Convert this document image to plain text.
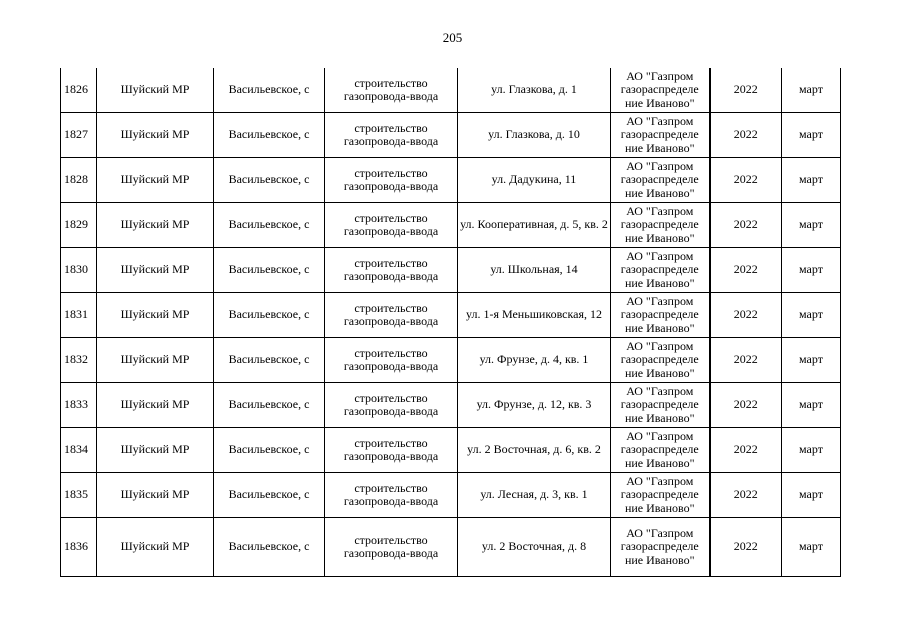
205
1826	Шуйский МР	Васильевское, с	строительство газопровода-ввода	ул. Глазкова, д. 1	АО "Газпром газораспределе ние Иваново"	2022	март
1827	Шуйский МР	Васильевское, с	строительство газопровода-ввода	ул. Глазкова, д. 10	АО "Газпром газораспределе ние Иваново"	2022	март
1828	Шуйский МР	Васильевское, с	строительство газопровода-ввода	ул. Дадукина, 11	АО "Газпром газораспределе ние Иваново"	2022	март
1829	Шуйский МР	Васильевское, с	строительство газопровода-ввода	ул. Кооперативная, д. 5, кв. 2	АО "Газпром газораспределе ние Иваново"	2022	март
1830	Шуйский МР	Васильевское, с	строительство газопровода-ввода	ул. Школьная, 14	АО "Газпром газораспределе ние Иваново"	2022	март
1831	Шуйский МР	Васильевское, с	строительство газопровода-ввода	ул. 1-я Меньшиковская, 12	АО "Газпром газораспределе ние Иваново"	2022	март
1832	Шуйский МР	Васильевское, с	строительство газопровода-ввода	ул. Фрунзе, д. 4, кв. 1	АО "Газпром газораспределе ние Иваново"	2022	март
1833	Шуйский МР	Васильевское, с	строительство газопровода-ввода	ул. Фрунзе, д. 12, кв. 3	АО "Газпром газораспределе ние Иваново"	2022	март
1834	Шуйский МР	Васильевское, с	строительство газопровода-ввода	ул. 2 Восточная, д. 6, кв. 2	АО "Газпром газораспределе ние Иваново"	2022	март
1835	Шуйский МР	Васильевское, с	строительство газопровода-ввода	ул. Лесная, д. 3, кв. 1	АО "Газпром газораспределе ние Иваново"	2022	март
1836	Шуйский МР	Васильевское, с	строительство газопровода-ввода	ул. 2 Восточная, д. 8	АО "Газпром газораспределе ние Иваново"	2022	март
